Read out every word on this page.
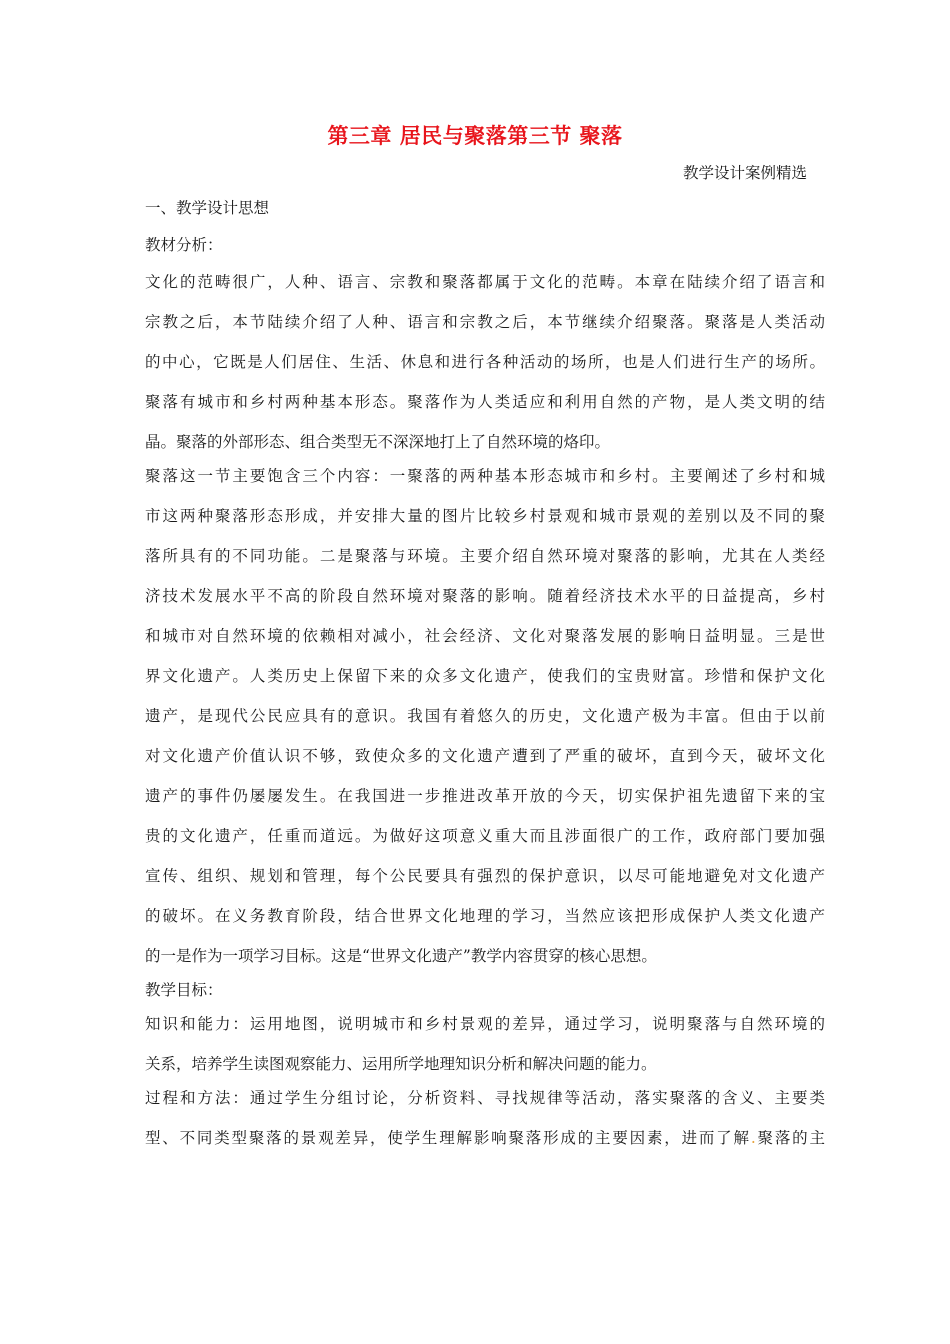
第三章 居民与聚落第三节 聚落
教学设计案例精选
一、教学设计思想
教材分析：
文化的范畴很广，人种、语言、宗教和聚落都属于文化的范畴。本章在陆续介绍了语言和
宗教之后，本节陆续介绍了人种、语言和宗教之后，本节继续介绍聚落。聚落是人类活动
的中心，它既是人们居住、生活、休息和进行各种活动的场所，也是人们进行生产的场所。
聚落有城市和乡村两种基本形态。聚落作为人类适应和利用自然的产物，是人类文明的结
晶。聚落的外部形态、组合类型无不深深地打上了自然环境的烙印。
聚落这一节主要饱含三个内容：一聚落的两种基本形态城市和乡村。主要阐述了乡村和城
市这两种聚落形态形成，并安排大量的图片比较乡村景观和城市景观的差别以及不同的聚
落所具有的不同功能。二是聚落与环境。主要介绍自然环境对聚落的影响，尤其在人类经
济技术发展水平不高的阶段自然环境对聚落的影响。随着经济技术水平的日益提高，乡村
和城市对自然环境的依赖相对减小，社会经济、文化对聚落发展的影响日益明显。三是世
界文化遗产。人类历史上保留下来的众多文化遗产，使我们的宝贵财富。珍惜和保护文化
遗产，是现代公民应具有的意识。我国有着悠久的历史，文化遗产极为丰富。但由于以前
对文化遗产价值认识不够，致使众多的文化遗产遭到了严重的破坏，直到今天，破坏文化
遗产的事件仍屡屡发生。在我国进一步推进改革开放的今天，切实保护祖先遗留下来的宝
贵的文化遗产，任重而道远。为做好这项意义重大而且涉面很广的工作，政府部门要加强
宣传、组织、规划和管理，每个公民要具有强烈的保护意识，以尽可能地避免对文化遗产
的破坏。在义务教育阶段，结合世界文化地理的学习，当然应该把形成保护人类文化遗产
的一是作为一项学习目标。这是“世界文化遗产”教学内容贯穿的核心思想。
教学目标：
知识和能力：运用地图，说明城市和乡村景观的差异，通过学习，说明聚落与自然环境的
关系，培养学生读图观察能力、运用所学地理知识分析和解决问题的能力。
过程和方法：通过学生分组讨论，分析资料、寻找规律等活动，落实聚落的含义、主要类
型、不同类型聚落的景观差异，使学生理解影响聚落形成的主要因素，进而了解.聚落的主
